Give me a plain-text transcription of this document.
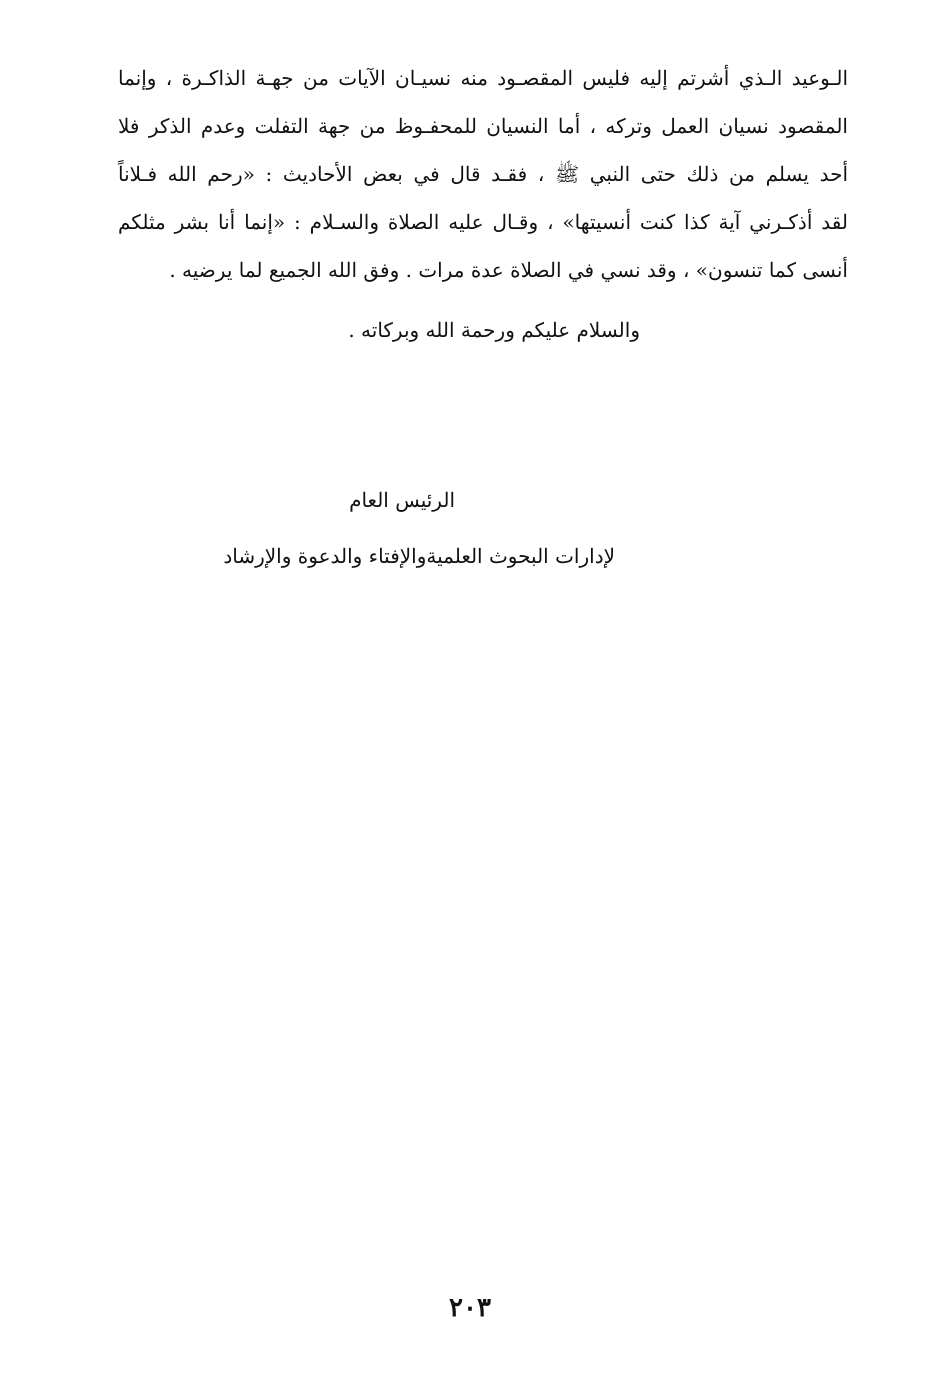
الـوعيد الـذي أشرتم إليه فليس المقصـود منه نسيـان الآيات من جهـة الذاكـرة ، وإنما
المقصود نسيان العمل وتركه ، أما النسيان للمحفـوظ من جهة التفلت وعدم الذكر فلا
أحد يسلم من ذلك حتى النبي ﷺ ، فقـد قال في بعض الأحاديث : «رحم الله فـلاناً
لقد أذكـرني آية كذا كنت أنسيتها» ، وقـال عليه الصلاة والسـلام : «إنما أنا بشر مثلكم
أنسى كما تنسون» ، وقد نسي في الصلاة عدة مرات . وفق الله الجميع لما يرضيه .
والسلام عليكم ورحمة الله وبركاته .
الرئيس العام
لإدارات البحوث العلميةوالإفتاء والدعوة والإرشاد
٢٠٣
